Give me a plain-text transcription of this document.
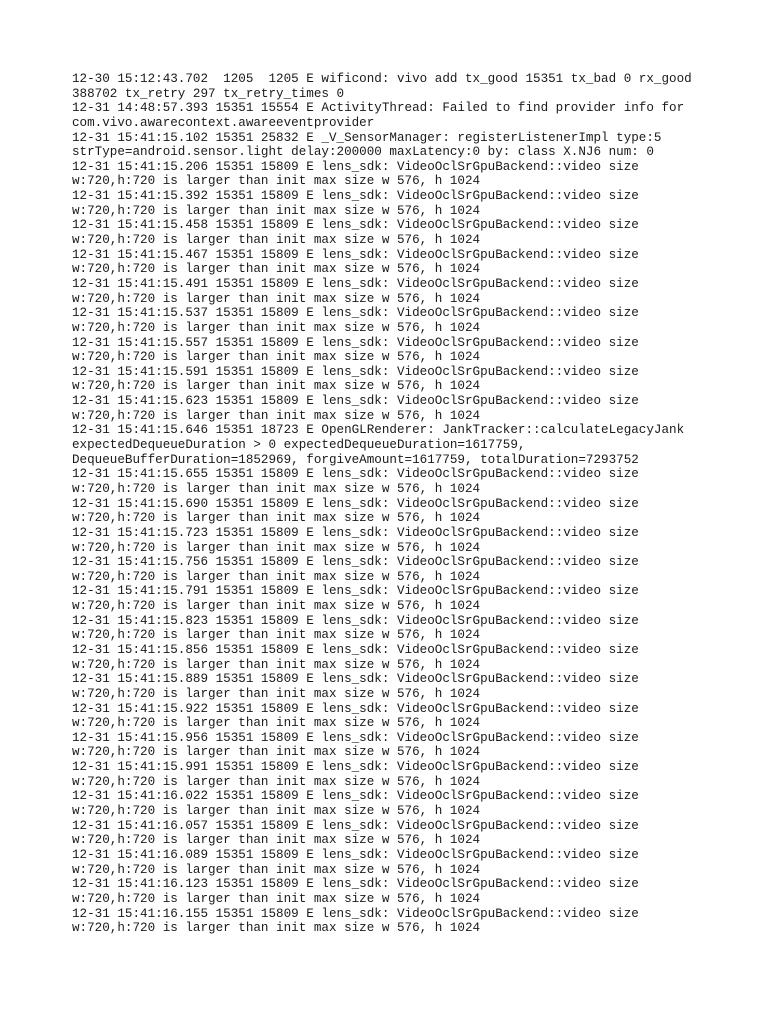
12-30 15:12:43.702  1205  1205 E wificond: vivo add tx_good 15351 tx_bad 0 rx_good
388702 tx_retry 297 tx_retry_times 0
12-31 14:48:57.393 15351 15554 E ActivityThread: Failed to find provider info for
com.vivo.awarecontext.awareeventprovider
12-31 15:41:15.102 15351 25832 E _V_SensorManager: registerListenerImpl type:5
strType=android.sensor.light delay:200000 maxLatency:0 by: class X.NJ6 num: 0
12-31 15:41:15.206 15351 15809 E lens_sdk: VideoOclSrGpuBackend::video size
w:720,h:720 is larger than init max size w 576, h 1024
12-31 15:41:15.392 15351 15809 E lens_sdk: VideoOclSrGpuBackend::video size
w:720,h:720 is larger than init max size w 576, h 1024
12-31 15:41:15.458 15351 15809 E lens_sdk: VideoOclSrGpuBackend::video size
w:720,h:720 is larger than init max size w 576, h 1024
12-31 15:41:15.467 15351 15809 E lens_sdk: VideoOclSrGpuBackend::video size
w:720,h:720 is larger than init max size w 576, h 1024
12-31 15:41:15.491 15351 15809 E lens_sdk: VideoOclSrGpuBackend::video size
w:720,h:720 is larger than init max size w 576, h 1024
12-31 15:41:15.537 15351 15809 E lens_sdk: VideoOclSrGpuBackend::video size
w:720,h:720 is larger than init max size w 576, h 1024
12-31 15:41:15.557 15351 15809 E lens_sdk: VideoOclSrGpuBackend::video size
w:720,h:720 is larger than init max size w 576, h 1024
12-31 15:41:15.591 15351 15809 E lens_sdk: VideoOclSrGpuBackend::video size
w:720,h:720 is larger than init max size w 576, h 1024
12-31 15:41:15.623 15351 15809 E lens_sdk: VideoOclSrGpuBackend::video size
w:720,h:720 is larger than init max size w 576, h 1024
12-31 15:41:15.646 15351 18723 E OpenGLRenderer: JankTracker::calculateLegacyJank
expectedDequeueDuration > 0 expectedDequeueDuration=1617759,
DequeueBufferDuration=1852969, forgiveAmount=1617759, totalDuration=7293752
12-31 15:41:15.655 15351 15809 E lens_sdk: VideoOclSrGpuBackend::video size
w:720,h:720 is larger than init max size w 576, h 1024
12-31 15:41:15.690 15351 15809 E lens_sdk: VideoOclSrGpuBackend::video size
w:720,h:720 is larger than init max size w 576, h 1024
12-31 15:41:15.723 15351 15809 E lens_sdk: VideoOclSrGpuBackend::video size
w:720,h:720 is larger than init max size w 576, h 1024
12-31 15:41:15.756 15351 15809 E lens_sdk: VideoOclSrGpuBackend::video size
w:720,h:720 is larger than init max size w 576, h 1024
12-31 15:41:15.791 15351 15809 E lens_sdk: VideoOclSrGpuBackend::video size
w:720,h:720 is larger than init max size w 576, h 1024
12-31 15:41:15.823 15351 15809 E lens_sdk: VideoOclSrGpuBackend::video size
w:720,h:720 is larger than init max size w 576, h 1024
12-31 15:41:15.856 15351 15809 E lens_sdk: VideoOclSrGpuBackend::video size
w:720,h:720 is larger than init max size w 576, h 1024
12-31 15:41:15.889 15351 15809 E lens_sdk: VideoOclSrGpuBackend::video size
w:720,h:720 is larger than init max size w 576, h 1024
12-31 15:41:15.922 15351 15809 E lens_sdk: VideoOclSrGpuBackend::video size
w:720,h:720 is larger than init max size w 576, h 1024
12-31 15:41:15.956 15351 15809 E lens_sdk: VideoOclSrGpuBackend::video size
w:720,h:720 is larger than init max size w 576, h 1024
12-31 15:41:15.991 15351 15809 E lens_sdk: VideoOclSrGpuBackend::video size
w:720,h:720 is larger than init max size w 576, h 1024
12-31 15:41:16.022 15351 15809 E lens_sdk: VideoOclSrGpuBackend::video size
w:720,h:720 is larger than init max size w 576, h 1024
12-31 15:41:16.057 15351 15809 E lens_sdk: VideoOclSrGpuBackend::video size
w:720,h:720 is larger than init max size w 576, h 1024
12-31 15:41:16.089 15351 15809 E lens_sdk: VideoOclSrGpuBackend::video size
w:720,h:720 is larger than init max size w 576, h 1024
12-31 15:41:16.123 15351 15809 E lens_sdk: VideoOclSrGpuBackend::video size
w:720,h:720 is larger than init max size w 576, h 1024
12-31 15:41:16.155 15351 15809 E lens_sdk: VideoOclSrGpuBackend::video size
w:720,h:720 is larger than init max size w 576, h 1024
